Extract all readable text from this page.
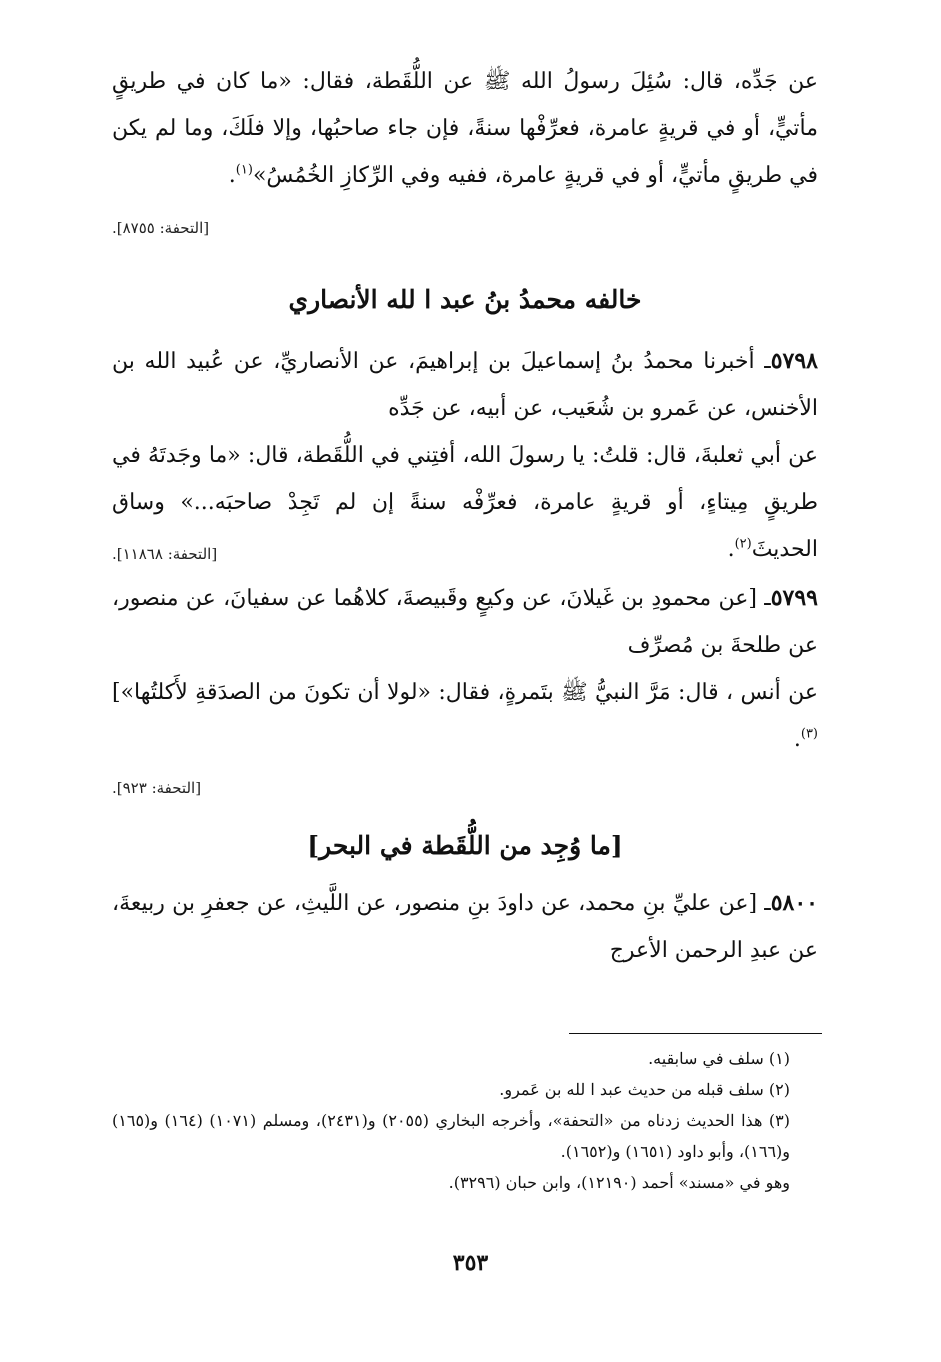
عن جَدِّه، قال: سُئِلَ رسولُ الله ﷺ عن اللُّقَطة، فقال: «ما كان في طريقٍ مأتيٍّ، أو في قريةٍ عامرة، فعرِّفْها سنةً، فإن جاء صاحبُها، وإلا فلَكَ، وما لم يكن في طريقٍ مأتيٍّ، أو في قريةٍ عامرة، ففيه وفي الرِّكازِ الخُمُسُ»$^{(١)}$.
[التحفة: ٨٧٥٥].
خالفه محمدُ بنُ عبد ا لله الأنصاري
٥٧٩٨ـ أخبرنا محمدُ بنُ إسماعيلَ بن إبراهيمَ، عن الأنصاريِّ، عن عُبيد الله بن الأخنس، عن عَمرو بن شُعَيب، عن أبيه، عن جَدِّه
عن أبي ثعلبةَ، قال: قلتُ: يا رسولَ الله، أفتِني في اللُّقَطة، قال: «ما وجَدتَهُ في طريقٍ مِيتاءٍ، أو قريةٍ عامرة، فعرِّفْه سنةً إن لم تَجِدْ صاحبَه...» وساق الحديثَ$^{(٢)}$.
[التحفة: ١١٨٦٨].
٥٧٩٩ـ [عن محمودِ بن غَيلانَ، عن وكيعٍ وقَبيصةَ، كلاهُما عن سفيانَ، عن منصور، عن طلحةَ بن مُصرِّف
عن أنس ، قال: مَرَّ النبيُّ ﷺ بتَمرةٍ، فقال: «لولا أن تكونَ من الصدَقةِ لأَكلتُها»]$^{(٣)}$.
[التحفة: ٩٢٣].
[ما وُجِد من اللُّقَطة في البحر]
٥٨٠٠ـ [عن عليِّ بنِ محمد، عن داودَ بنِ منصور، عن اللَّيثِ، عن جعفرِ بن ربيعةَ، عن عبدِ الرحمن الأعرج

(١) سلف في سابقيه.

(٢) سلف قبله من حديث عبد ا لله بن عَمرو.

(٣) هذا الحديث زدناه من «التحفة»، وأخرجه البخاري (٢٠٥٥) و(٢٤٣١)، ومسلم (١٠٧١) (١٦٤) و(١٦٥) و(١٦٦)، وأبو داود (١٦٥١) و(١٦٥٢).

وهو في «مسند» أحمد (١٢١٩٠)، وابن حبان (٣٢٩٦).

٣٥٣
